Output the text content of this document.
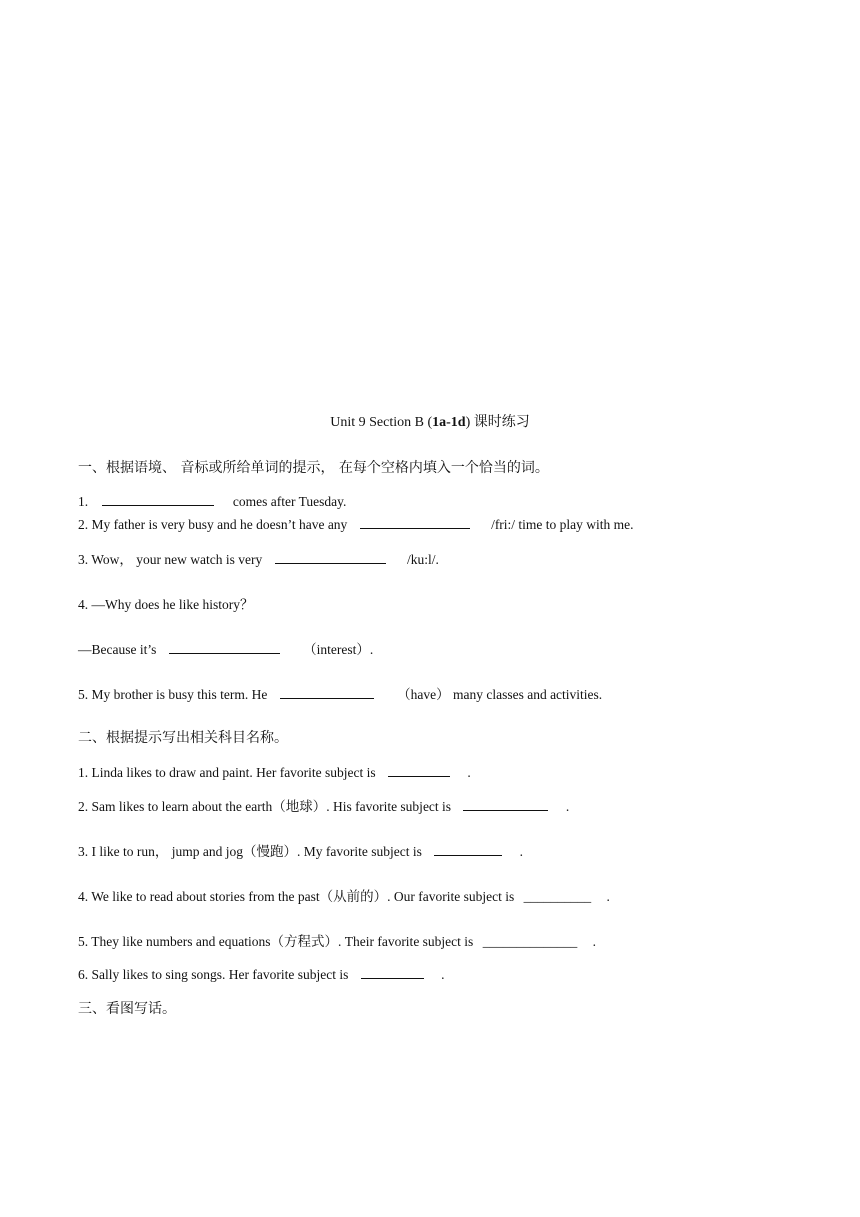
Unit 9 Section B (1a-1d) 课时练习
一、根据语境、 音标或所给单词的提示， 在每个空格内填入一个恰当的词。
1.	comes after Tuesday.
2. My father is very busy and he doesn’t have any	/fri:/ time to play with me.
3. Wow， your new watch is very	/ku:l/.
4. —Why does he like history？
—Because it’s	（interest）.
5. My brother is busy this term. He	（have） many classes and activities.
二、根据提示写出相关科目名称。
1. Linda likes to draw and paint. Her favorite subject is	.
2. Sam likes to learn about the earth（地球）. His favorite subject is	.
3. I like to run， jump and jog（慢跑）. My favorite subject is	.
4. We like to read about stories from the past（从前的）. Our favorite subject is __________ .
5. They like numbers and equations（方程式）. Their favorite subject is ______________ .
6. Sally likes to sing songs. Her favorite subject is	.
三、看图写话。
